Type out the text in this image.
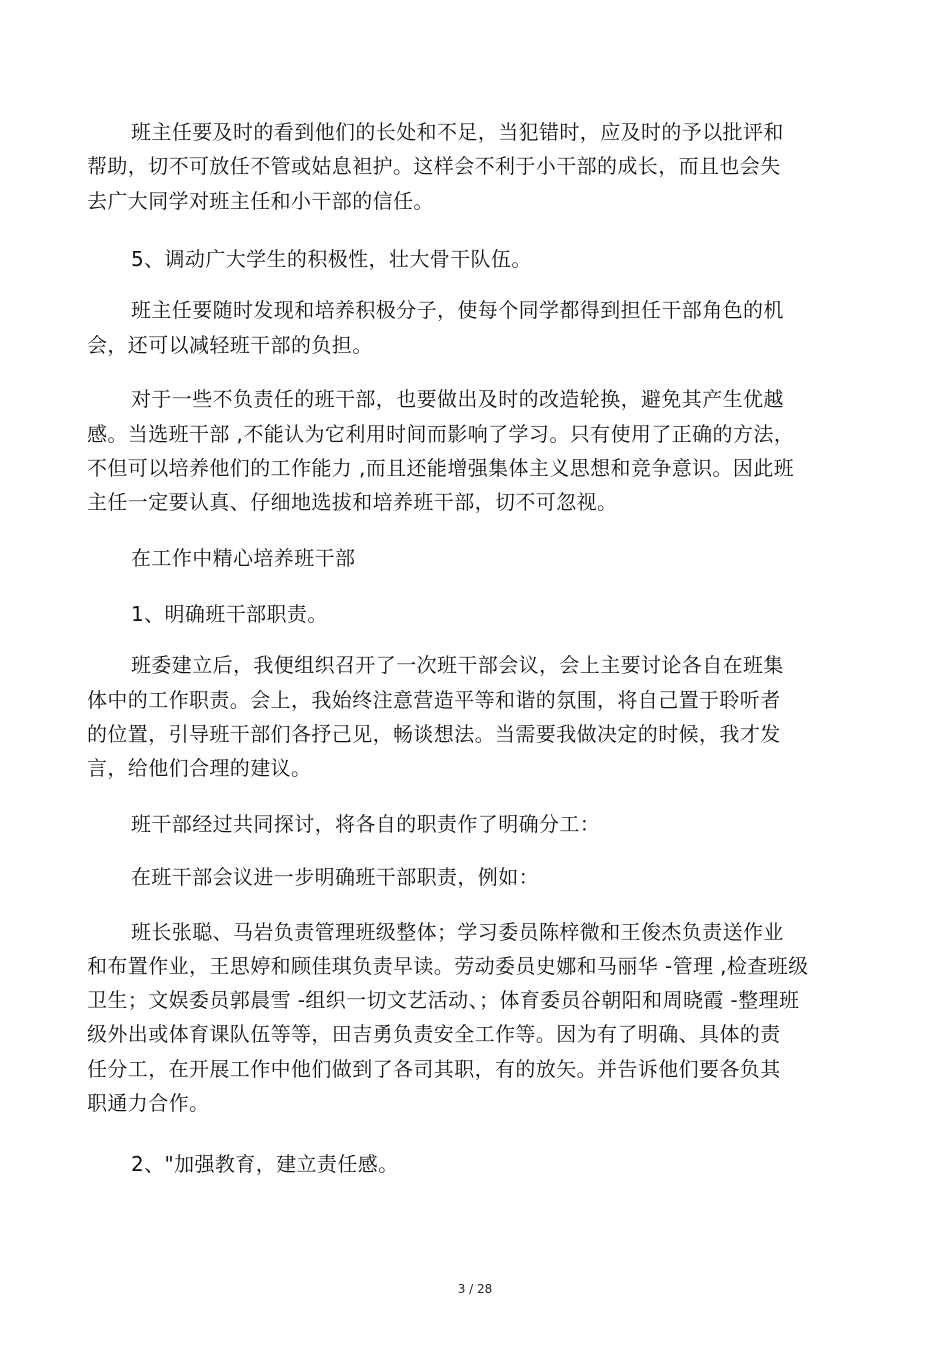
班主任要及时的看到他们的长处和不足，当犯错时，应及时的予以批评和
帮助，切不可放任不管或姑息袒护。这样会不利于小干部的成长，而且也会失
去广大同学对班主任和小干部的信任。
5、调动广大学生的积极性，壮大骨干队伍。
班主任要随时发现和培养积极分子，使每个同学都得到担任干部角色的机
会，还可以减轻班干部的负担。
对于一些不负责任的班干部，也要做出及时的改造轮换，避免其产生优越
感。当选班干部 ,不能认为它利用时间而影响了学习。只有使用了正确的方法，
不但可以培养他们的工作能力 ,而且还能增强集体主义思想和竞争意识。因此班
主任一定要认真、仔细地选拔和培养班干部，切不可忽视。
在工作中精心培养班干部
1、明确班干部职责。
班委建立后，我便组织召开了一次班干部会议，会上主要讨论各自在班集
体中的工作职责。会上，我始终注意营造平等和谐的氛围，将自己置于聆听者
的位置，引导班干部们各抒己见，畅谈想法。当需要我做决定的时候，我才发
言，给他们合理的建议。
班干部经过共同探讨，将各自的职责作了明确分工：
在班干部会议进一步明确班干部职责，例如：
班长张聪、马岩负责管理班级整体；学习委员陈梓微和王俊杰负责送作业
和布置作业，王思婷和顾佳琪负责早读。劳动委员史娜和马丽华 -管理 ,检查班级
卫生；文娱委员郭晨雪 -组织一切文艺活动、；体育委员谷朝阳和周晓霞 -整理班
级外出或体育课队伍等等，田吉勇负责安全工作等。因为有了明确、具体的责
任分工，在开展工作中他们做到了各司其职，有的放矢。并告诉他们要各负其
职通力合作。
2、"加强教育，建立责任感。
3 / 28
